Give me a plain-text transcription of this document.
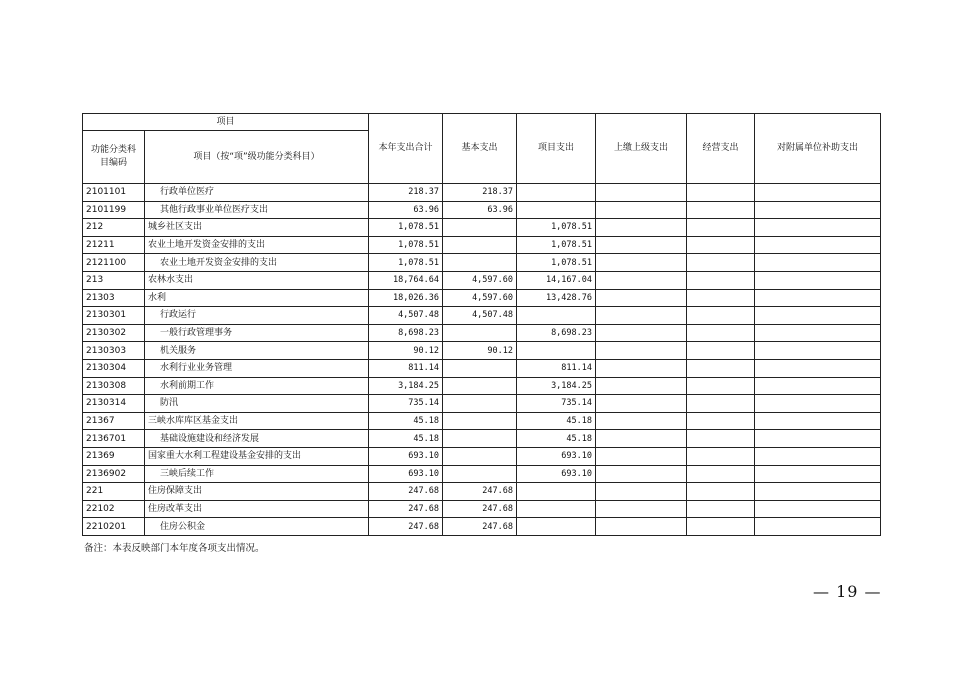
项目		本年支出合计	基本支出	项目支出	上缴上级支出	经营支出	对附属单位补助支出
功能分类科目编码	项目（按“项”级功能分类科目）						
2101101	行政单位医疗	218.37	218.37				
2101199	其他行政事业单位医疗支出	63.96	63.96				
212	城乡社区支出	1,078.51		1,078.51			
21211	农业土地开发资金安排的支出	1,078.51		1,078.51			
2121100	农业土地开发资金安排的支出	1,078.51		1,078.51			
213	农林水支出	18,764.64	4,597.60	14,167.04			
21303	水利	18,026.36	4,597.60	13,428.76			
2130301	行政运行	4,507.48	4,507.48				
2130302	一般行政管理事务	8,698.23		8,698.23			
2130303	机关服务	90.12	90.12				
2130304	水利行业业务管理	811.14		811.14			
2130308	水利前期工作	3,184.25		3,184.25			
2130314	防汛	735.14		735.14			
21367	三峡水库库区基金支出	45.18		45.18			
2136701	基础设施建设和经济发展	45.18		45.18			
21369	国家重大水利工程建设基金安排的支出	693.10		693.10			
2136902	三峡后续工作	693.10		693.10			
221	住房保障支出	247.68	247.68				
22102	住房改革支出	247.68	247.68				
2210201	住房公积金	247.68	247.68				
备注：本表反映部门本年度各项支出情况。
— 19 —
